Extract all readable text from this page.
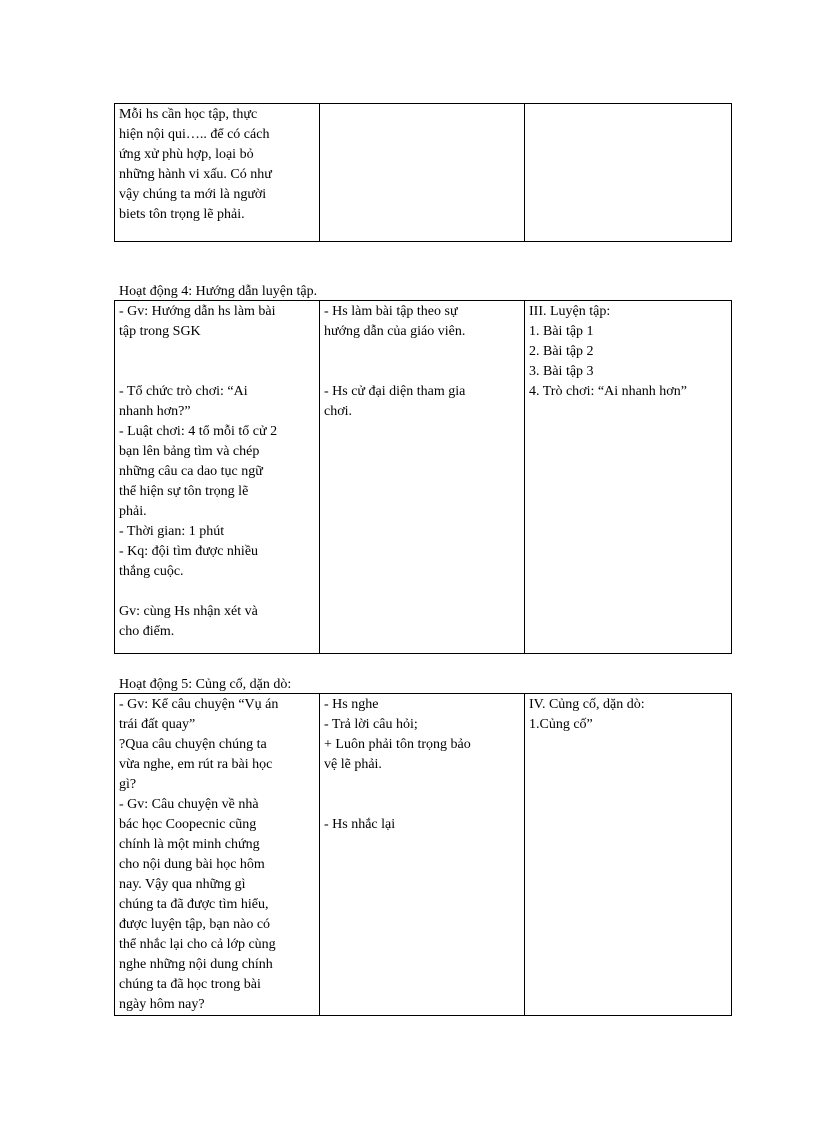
Mỗi hs cần học tập, thực
hiện nội qui….. để có cách
ứng xử phù hợp, loại bỏ
những hành vi xấu. Có như
vậy chúng ta mới là người
biets tôn trọng lẽ phải.		
Hoạt động 4: Hướng dẫn luyện tập.
- Gv: Hướng dẫn hs làm bài
tập trong SGK

- Tổ chức trò chơi: “Ai
nhanh hơn?”
- Luật chơi: 4 tổ mỗi tổ cử 2
bạn lên bảng tìm và chép
những câu ca dao tục ngữ
thể hiện sự tôn trọng lẽ
phải.
- Thời gian: 1 phút
- Kq: đội tìm được nhiều
thắng cuộc.

Gv: cùng Hs nhận xét và
cho điểm.	- Hs làm bài tập theo sự
hướng dẫn của giáo viên.

- Hs cử đại diện tham gia
chơi.	III. Luyện tập:
1. Bài tập 1
2. Bài tập 2
3. Bài tập 3
4. Trò chơi: “Ai nhanh hơn”
Hoạt động 5: Củng cố, dặn dò:
- Gv: Kể câu chuyện “Vụ án
trái đất quay”
?Qua câu chuyện chúng ta
vừa nghe, em rút ra bài học
gì?
- Gv: Câu chuyện về nhà
bác học Coopecnic cũng
chính là một minh chứng
cho nội dung bài học hôm
nay. Vậy qua những gì
chúng ta đã được tìm hiểu,
được luyện tập, bạn nào có
thể nhắc lại cho cả lớp cùng
nghe những nội dung chính
chúng ta đã học trong bài
ngày hôm nay?	- Hs nghe
- Trả lời câu hỏi;
+ Luôn phải tôn trọng bảo
vệ lẽ phải.

- Hs nhắc lại	IV. Củng cố, dặn dò:
1.Củng cố”
